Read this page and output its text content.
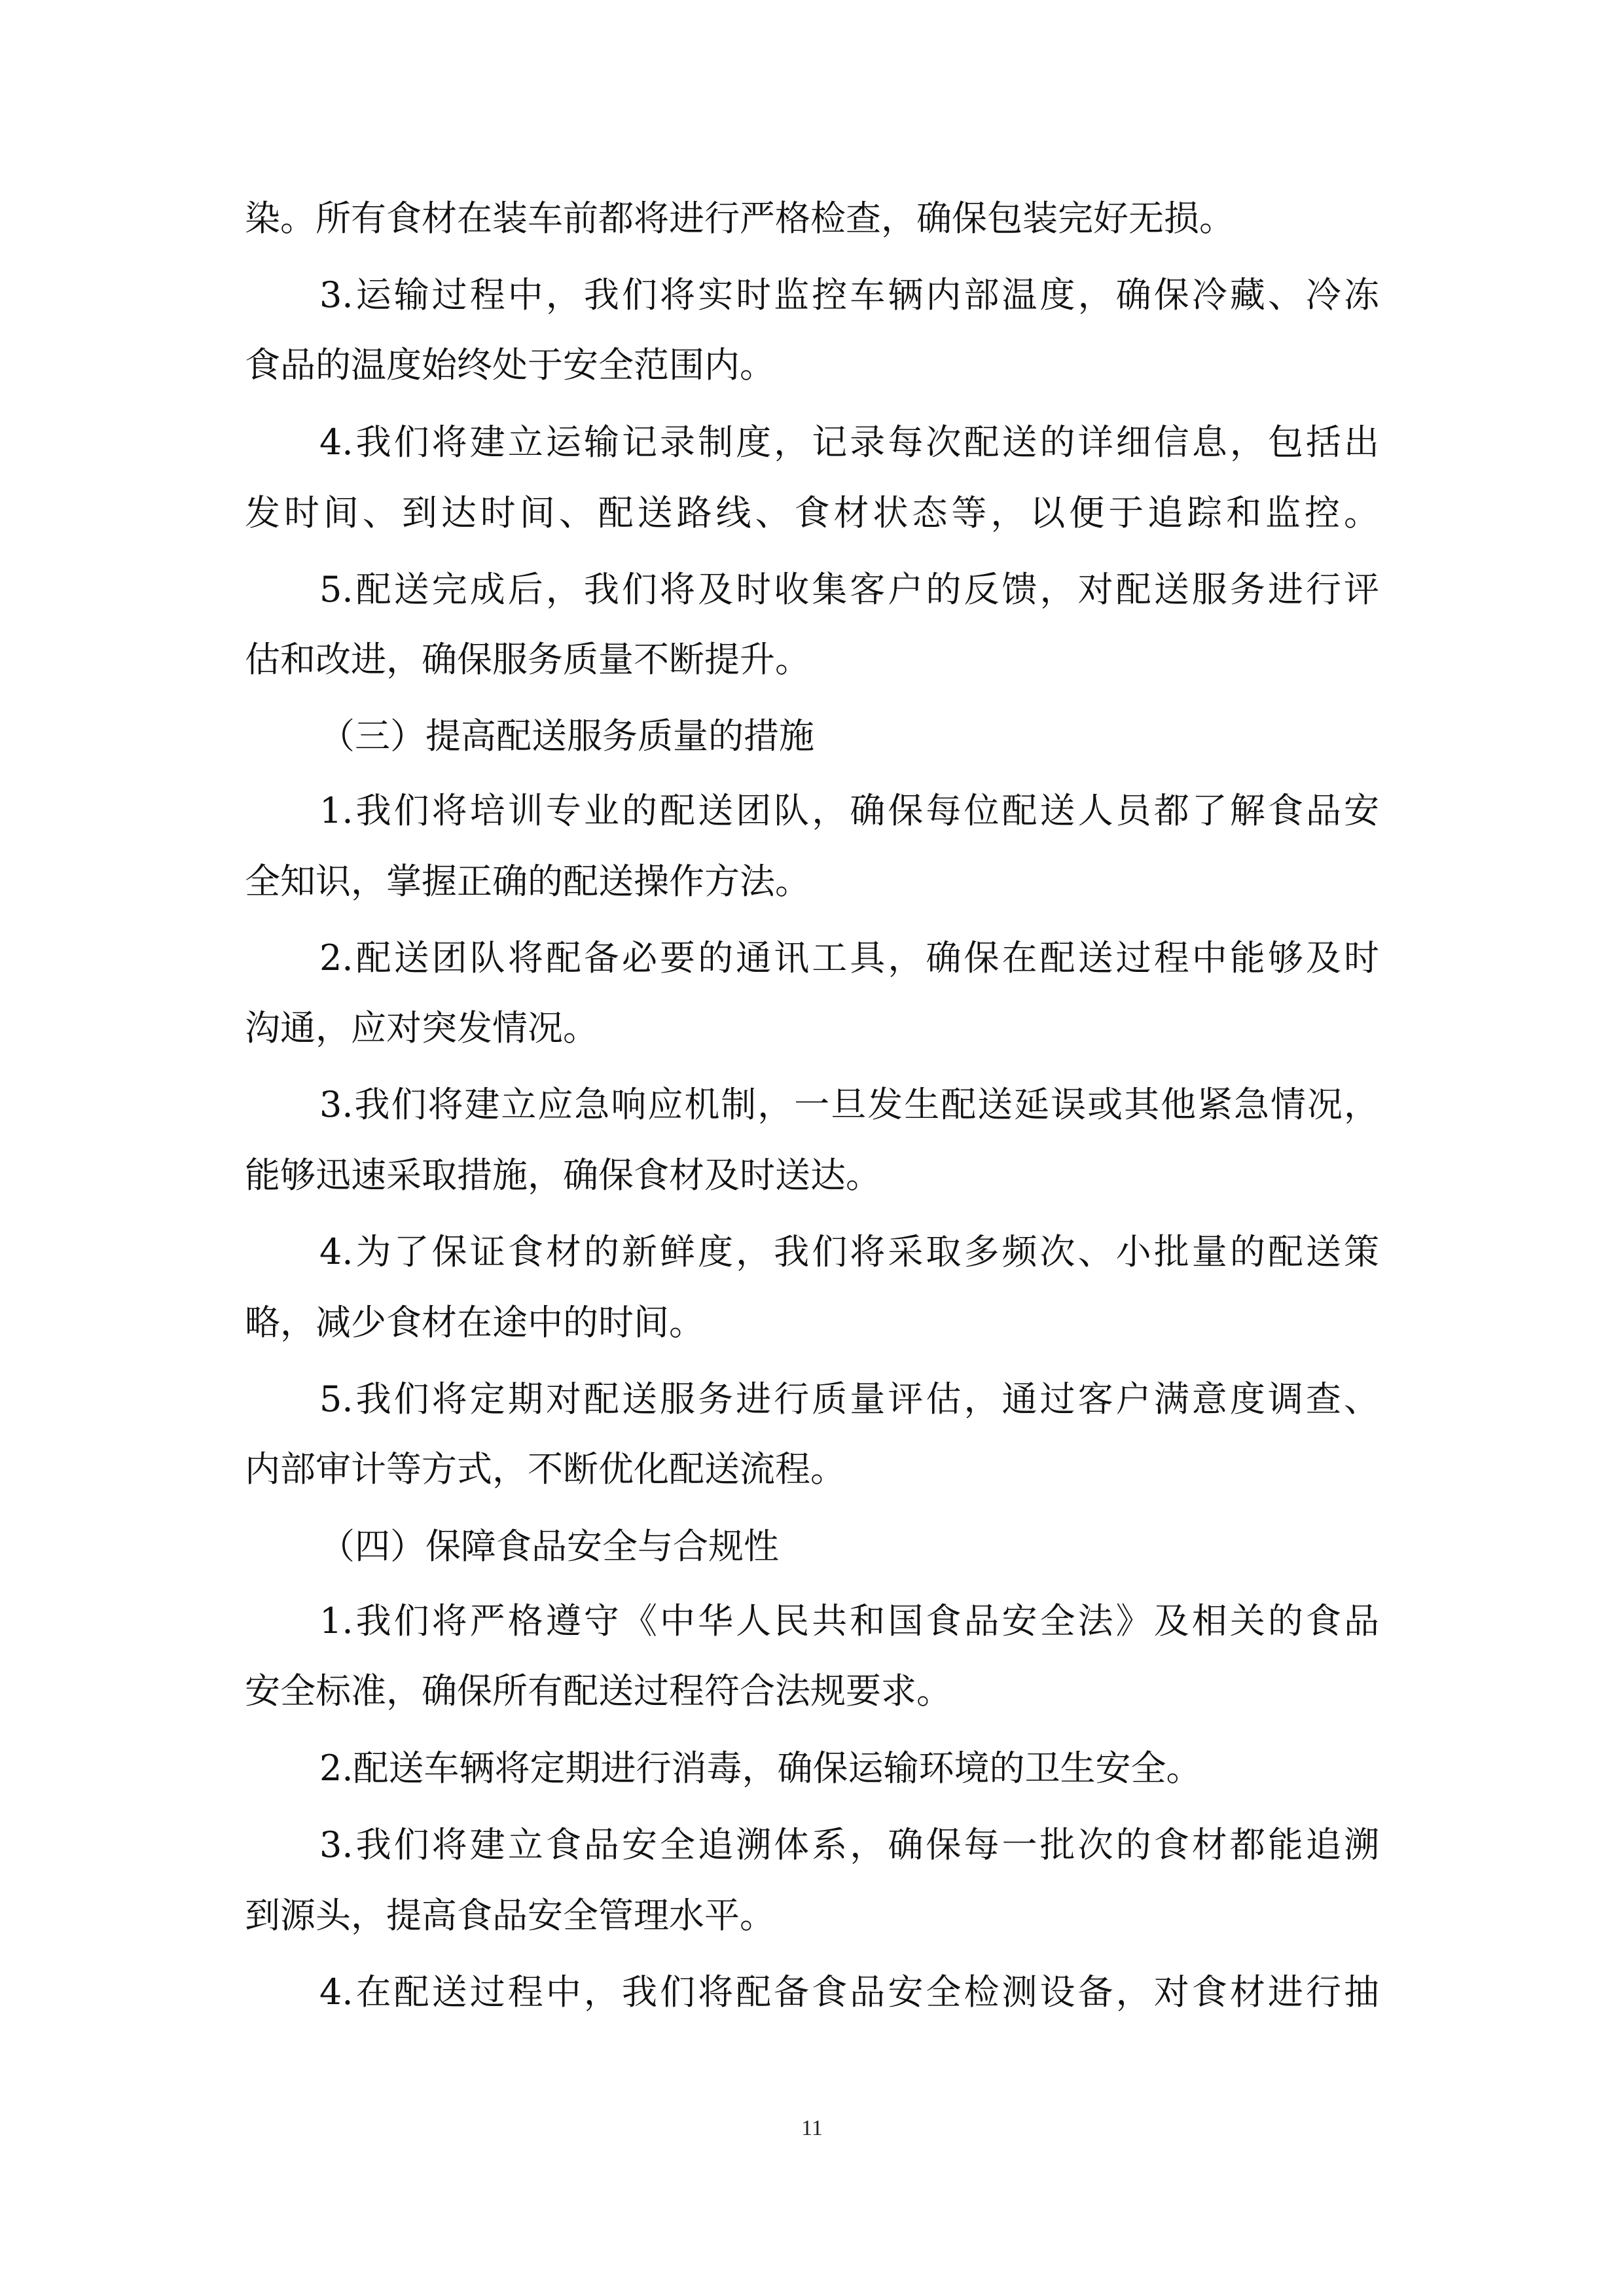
染。所有食材在装车前都将进行严格检查，确保包装完好无损。
3.运输过程中，我们将实时监控车辆内部温度，确保冷藏、冷冻
食品的温度始终处于安全范围内。
4.我们将建立运输记录制度，记录每次配送的详细信息，包括出
发时间、到达时间、配送路线、食材状态等，以便于追踪和监控。
5.配送完成后，我们将及时收集客户的反馈，对配送服务进行评
估和改进，确保服务质量不断提升。
（三）提高配送服务质量的措施
1.我们将培训专业的配送团队，确保每位配送人员都了解食品安
全知识，掌握正确的配送操作方法。
2.配送团队将配备必要的通讯工具，确保在配送过程中能够及时
沟通，应对突发情况。
3.我们将建立应急响应机制，一旦发生配送延误或其他紧急情况，
能够迅速采取措施，确保食材及时送达。
4.为了保证食材的新鲜度，我们将采取多频次、小批量的配送策
略，减少食材在途中的时间。
5.我们将定期对配送服务进行质量评估，通过客户满意度调查、
内部审计等方式，不断优化配送流程。
（四）保障食品安全与合规性
1.我们将严格遵守《中华人民共和国食品安全法》及相关的食品
安全标准，确保所有配送过程符合法规要求。
2.配送车辆将定期进行消毒，确保运输环境的卫生安全。
3.我们将建立食品安全追溯体系，确保每一批次的食材都能追溯
到源头，提高食品安全管理水平。
4.在配送过程中，我们将配备食品安全检测设备，对食材进行抽
11
